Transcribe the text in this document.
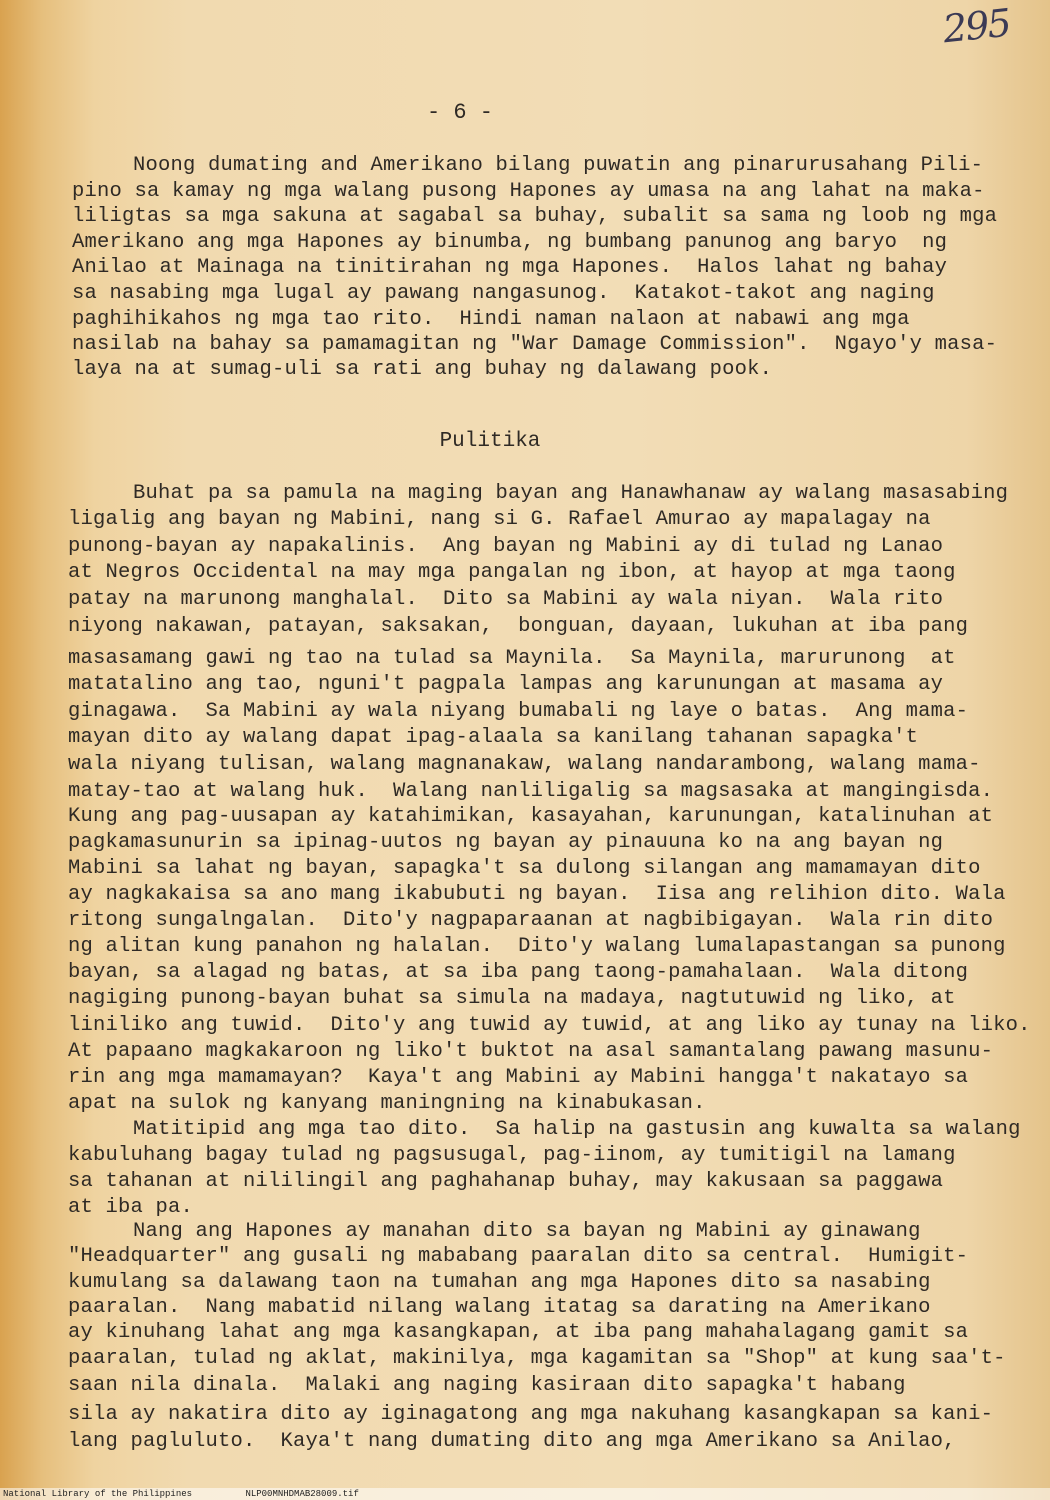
295
- 6 -
Noong dumating and Amerikano bilang puwatin ang pinarurusahang Pili-
pino sa kamay ng mga walang pusong Hapones ay umasa na ang lahat na maka-
liligtas sa mga sakuna at sagabal sa buhay, subalit sa sama ng loob ng mga
Amerikano ang mga Hapones ay binumba, ng bumbang panunog ang baryo  ng
Anilao at Mainaga na tinitirahan ng mga Hapones.  Halos lahat ng bahay
sa nasabing mga lugal ay pawang nangasunog.  Katakot-takot ang naging
paghihikahos ng mga tao rito.  Hindi naman nalaon at nabawi ang mga
nasilab na bahay sa pamamagitan ng "War Damage Commission".  Ngayo'y masa-
laya na at sumag-uli sa rati ang buhay ng dalawang pook.
Pulitika
Buhat pa sa pamula na maging bayan ang Hanawhanaw ay walang masasabing
ligalig ang bayan ng Mabini, nang si G. Rafael Amurao ay mapalagay na
punong-bayan ay napakalinis.  Ang bayan ng Mabini ay di tulad ng Lanao
at Negros Occidental na may mga pangalan ng ibon, at hayop at mga taong
patay na marunong manghalal.  Dito sa Mabini ay wala niyan.  Wala rito
niyong nakawan, patayan, saksakan,  bonguan, dayaan, lukuhan at iba pang
masasamang gawi ng tao na tulad sa Maynila.  Sa Maynila, marurunong  at
matatalino ang tao, nguni't pagpala lampas ang karunungan at masama ay
ginagawa.  Sa Mabini ay wala niyang bumabali ng laye o batas.  Ang mama-
mayan dito ay walang dapat ipag-alaala sa kanilang tahanan sapagka't
wala niyang tulisan, walang magnanakaw, walang nandarambong, walang mama-
matay-tao at walang huk.  Walang nanliligalig sa magsasaka at mangingisda.
Kung ang pag-uusapan ay katahimikan, kasayahan, karunungan, katalinuhan at
pagkamasunurin sa ipinag-uutos ng bayan ay pinauuna ko na ang bayan ng
Mabini sa lahat ng bayan, sapagka't sa dulong silangan ang mamamayan dito
ay nagkakaisa sa ano mang ikabubuti ng bayan.  Iisa ang relihion dito. Wala
ritong sungalngalan.  Dito'y nagpaparaanan at nagbibigayan.  Wala rin dito
ng alitan kung panahon ng halalan.  Dito'y walang lumalapastangan sa punong
bayan, sa alagad ng batas, at sa iba pang taong-pamahalaan.  Wala ditong
nagiging punong-bayan buhat sa simula na madaya, nagtutuwid ng liko, at
liniliko ang tuwid.  Dito'y ang tuwid ay tuwid, at ang liko ay tunay na liko.
At papaano magkakaroon ng liko't buktot na asal samantalang pawang masunu-
rin ang mga mamamayan?  Kaya't ang Mabini ay Mabini hangga't nakatayo sa
apat na sulok ng kanyang maningning na kinabukasan.
Matitipid ang mga tao dito.  Sa halip na gastusin ang kuwalta sa walang
kabuluhang bagay tulad ng pagsusugal, pag-iinom, ay tumitigil na lamang
sa tahanan at nililingil ang paghahanap buhay, may kakusaan sa paggawa
at iba pa.
Nang ang Hapones ay manahan dito sa bayan ng Mabini ay ginawang
"Headquarter" ang gusali ng mababang paaralan dito sa central.  Humigit-
kumulang sa dalawang taon na tumahan ang mga Hapones dito sa nasabing
paaralan.  Nang mabatid nilang walang itatag sa darating na Amerikano
ay kinuhang lahat ang mga kasangkapan, at iba pang mahahalagang gamit sa
paaralan, tulad ng aklat, makinilya, mga kagamitan sa "Shop" at kung saa't-
saan nila dinala.  Malaki ang naging kasiraan dito sapagka't habang
sila ay nakatira dito ay iginagatong ang mga nakuhang kasangkapan sa kani-
lang pagluluto.  Kaya't nang dumating dito ang mga Amerikano sa Anilao,
National Library of the Philippines	NLP00MNHDMAB28009.tif
